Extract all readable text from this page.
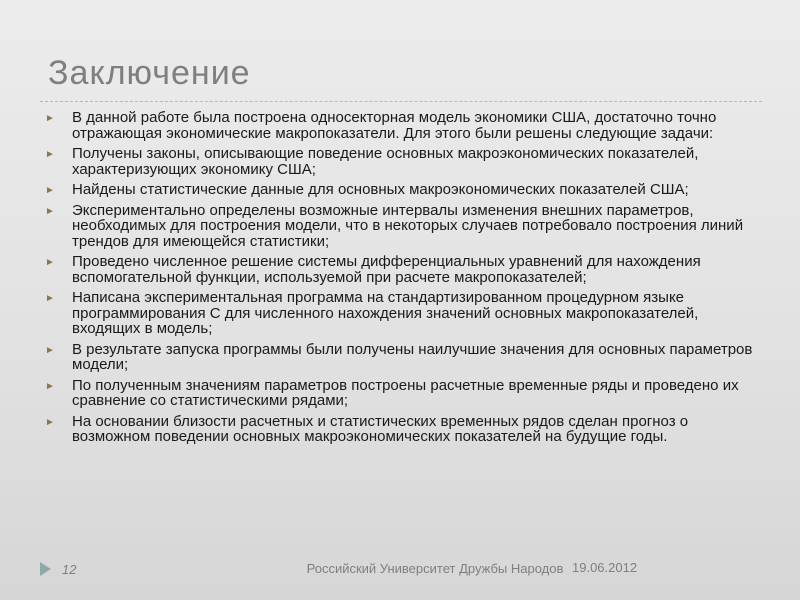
Заключение
► В данной работе была построена односекторная модель экономики США, достаточно точно отражающая экономические макропоказатели. Для этого были решены следующие задачи:
► Получены законы, описывающие поведение основных макроэкономических показателей, характеризующих экономику США;
► Найдены статистические данные для основных макроэкономических показателей США;
► Экспериментально определены возможные интервалы изменения внешних параметров, необходимых для построения модели, что в некоторых случаев потребовало построения линий трендов для имеющейся статистики;
► Проведено численное решение системы дифференциальных уравнений для нахождения вспомогательной функции, используемой при расчете макропоказателей;
► Написана экспериментальная программа на стандартизированном процедурном языке программирования С для численного нахождения значений основных макропоказателей, входящих в модель;
► В результате запуска программы были получены наилучшие значения для основных параметров модели;
► По полученным значениям параметров построены расчетные временные ряды и проведено их сравнение со статистическими рядами;
► На основании близости расчетных и статистических временных рядов сделан прогноз о возможном поведении основных макроэкономических показателей на будущие годы.
12	Российский Университет Дружбы Народов 19.06.2012
